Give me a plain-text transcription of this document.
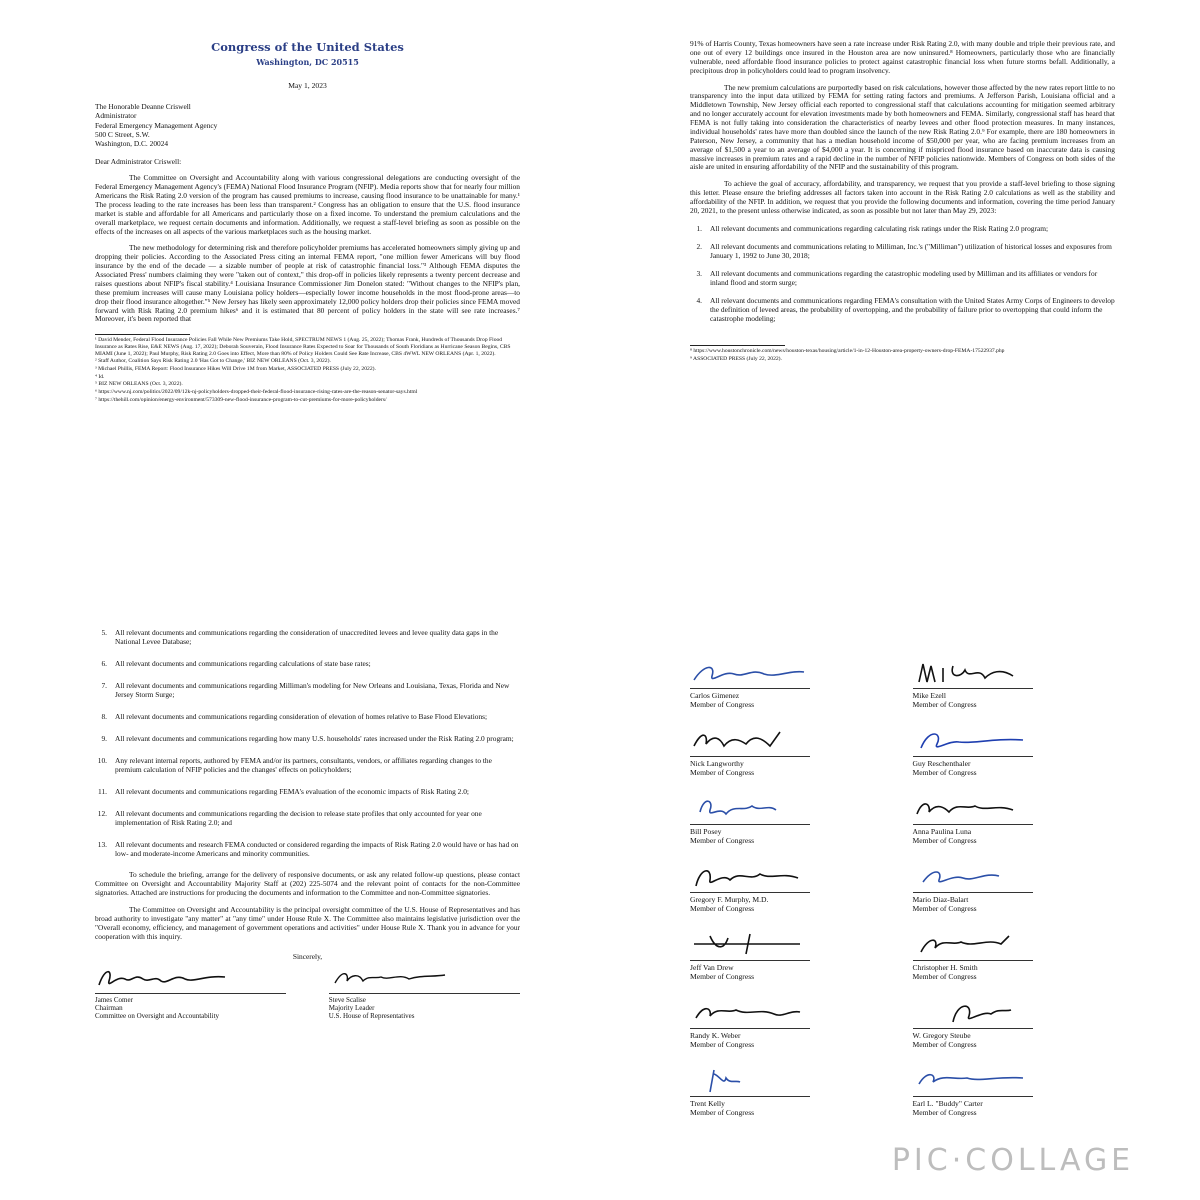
Congress of the United States
Washington, DC 20515
May 1, 2023
The Honorable Deanne Criswell
Administrator
Federal Emergency Management Agency
500 C Street, S.W.
Washington, D.C. 20024
Dear Administrator Criswell:

The Committee on Oversight and Accountability along with various congressional delegations are conducting oversight of the Federal Emergency Management Agency's (FEMA) National Flood Insurance Program (NFIP). Media reports show that for nearly four million Americans the Risk Rating 2.0 version of the program has caused premiums to increase, causing flood insurance to be unattainable for many.¹ The process leading to the rate increases has been less than transparent.² Congress has an obligation to ensure that the U.S. flood insurance market is stable and affordable for all Americans and particularly those on a fixed income. To understand the premium calculations and the overall marketplace, we request certain documents and information. Additionally, we request a staff-level briefing as soon as possible on the effects of the increases on all aspects of the various marketplaces such as the housing market.

The new methodology for determining risk and therefore policyholder premiums has accelerated homeowners simply giving up and dropping their policies. According to the Associated Press citing an internal FEMA report, "one million fewer Americans will buy flood insurance by the end of the decade — a sizable number of people at risk of catastrophic financial loss."³ Although FEMA disputes the Associated Press' numbers claiming they were "taken out of context," this drop-off in policies likely represents a twenty percent decrease and raises questions about NFIP's fiscal stability.⁴ Louisiana Insurance Commissioner Jim Donelon stated: "Without changes to the NFIP's plan, these premium increases will cause many Louisiana policy holders—especially lower income households in the most flood-prone areas—to drop their flood insurance altogether."⁵ New Jersey has likely seen approximately 12,000 policy holders drop their policies since FEMA moved forward with Risk Rating 2.0 premium hikes⁶ and it is estimated that 80 percent of policy holders in the state will see rate increases.⁷ Moreover, it's been reported that

¹ David Mender, Federal Flood Insurance Policies Fall While New Premiums Take Hold, SPECTRUM NEWS 1 (Aug. 25, 2022); Thomas Frank, Hundreds of Thousands Drop Flood Insurance as Rates Rise, E&E NEWS (Aug. 17, 2022); Deborah Souverain, Flood Insurance Rates Expected to Soar for Thousands of South Floridians as Hurricane Season Begins, CBS MIAMI (June 1, 2022); Paul Murphy, Risk Rating 2.0 Goes into Effect, More than 80% of Policy Holders Could See Rate Increase, CBS 4WWL NEW ORLEANS (Apr. 1, 2022).

² Staff Author, Coalition Says Risk Rating 2.0 'Has Got to Change,' BIZ NEW ORLEANS (Oct. 3, 2022).

³ Michael Phillis, FEMA Report: Flood Insurance Hikes Will Drive 1M from Market, ASSOCIATED PRESS (July 22, 2022).

⁴ Id.

⁵ BIZ NEW ORLEANS (Oct. 3, 2022).

⁶ https://www.nj.com/politics/2022/09/12k-nj-policyholders-dropped-their-federal-flood-insurance-rising-rates-are-the-reason-senator-says.html

⁷ https://thehill.com/opinion/energy-environment/573309-new-flood-insurance-program-to-cut-premiums-for-more-policyholders/

91% of Harris County, Texas homeowners have seen a rate increase under Risk Rating 2.0, with many double and triple their previous rate, and one out of every 12 buildings once insured in the Houston area are now uninsured.⁸ Homeowners, particularly those who are financially vulnerable, need affordable flood insurance policies to protect against catastrophic financial loss when future storms befall. Additionally, a precipitous drop in policyholders could lead to program insolvency.

The new premium calculations are purportedly based on risk calculations, however those affected by the new rates report little to no transparency into the input data utilized by FEMA for setting rating factors and premiums. A Jefferson Parish, Louisiana official and a Middletown Township, New Jersey official each reported to congressional staff that calculations accounting for mitigation seemed arbitrary and no longer accurately account for elevation investments made by both homeowners and FEMA. Similarly, congressional staff has heard that FEMA is not fully taking into consideration the characteristics of nearby levees and other flood protection measures. In many instances, individual households' rates have more than doubled since the launch of the new Risk Rating 2.0.⁹ For example, there are 180 homeowners in Paterson, New Jersey, a community that has a median household income of $50,000 per year, who are facing premium increases from an average of $1,500 a year to an average of $4,000 a year. It is concerning if mispriced flood insurance based on inaccurate data is causing massive increases in premium rates and a rapid decline in the number of NFIP policies nationwide. Members of Congress on both sides of the aisle are united in ensuring affordability of the NFIP and the sustainability of this program.

To achieve the goal of accuracy, affordability, and transparency, we request that you provide a staff-level briefing to those signing this letter. Please ensure the briefing addresses all factors taken into account in the Risk Rating 2.0 calculations as well as the stability and affordability of the NFIP. In addition, we request that you provide the following documents and information, covering the time period January 20, 2021, to the present unless otherwise indicated, as soon as possible but not later than May 29, 2023:

1. All relevant documents and communications regarding calculating risk ratings under the Risk Rating 2.0 program;
2. All relevant documents and communications relating to Milliman, Inc.'s ("Milliman") utilization of historical losses and exposures from January 1, 1992 to June 30, 2018;
3. All relevant documents and communications regarding the catastrophic modeling used by Milliman and its affiliates or vendors for inland flood and storm surge;
4. All relevant documents and communications regarding FEMA's consultation with the United States Army Corps of Engineers to develop the definition of leveed areas, the probability of overtopping, and the probability of failure prior to overtopping that could inform the catastrophe modeling;

⁸ https://www.houstonchronicle.com/news/houston-texas/housing/article/1-in-12-Houston-area-property-owners-drop-FEMA-17522937.php

⁹ ASSOCIATED PRESS (July 22, 2022).

5. All relevant documents and communications regarding the consideration of unaccredited levees and levee quality data gaps in the National Levee Database;
6. All relevant documents and communications regarding calculations of state base rates;
7. All relevant documents and communications regarding Milliman's modeling for New Orleans and Louisiana, Texas, Florida and New Jersey Storm Surge;
8. All relevant documents and communications regarding consideration of elevation of homes relative to Base Flood Elevations;
9. All relevant documents and communications regarding how many U.S. households' rates increased under the Risk Rating 2.0 program;
10. Any relevant internal reports, authored by FEMA and/or its partners, consultants, vendors, or affiliates regarding changes to the premium calculation of NFIP policies and the changes' effects on policyholders;
11. All relevant documents and communications regarding FEMA's evaluation of the economic impacts of Risk Rating 2.0;
12. All relevant documents and communications regarding the decision to release state profiles that only accounted for year one implementation of Risk Rating 2.0; and
13. All relevant documents and research FEMA conducted or considered regarding the impacts of Risk Rating 2.0 would have or has had on low- and moderate-income Americans and minority communities.

To schedule the briefing, arrange for the delivery of responsive documents, or ask any related follow-up questions, please contact Committee on Oversight and Accountability Majority Staff at (202) 225-5074 and the relevant point of contacts for the non-Committee signatories. Attached are instructions for producing the documents and information to the Committee and non-Committee signatories.

The Committee on Oversight and Accountability is the principal oversight committee of the U.S. House of Representatives and has broad authority to investigate "any matter" at "any time" under House Rule X. The Committee also maintains legislative jurisdiction over the "Overall economy, efficiency, and management of government operations and activities" under House Rule X. Thank you in advance for your cooperation with this inquiry.

Sincerely,
James Comer
Chairman
Committee on Oversight and Accountability
Steve Scalise
Majority Leader
U.S. House of Representatives
Carlos Gimenez
Member of Congress
Mike Ezell
Member of Congress
Nick Langworthy
Member of Congress
Guy Reschenthaler
Member of Congress
Bill Posey
Member of Congress
Anna Paulina Luna
Member of Congress
Gregory F. Murphy, M.D.
Member of Congress
Mario Diaz-Balart
Member of Congress
Jeff Van Drew
Member of Congress
Christopher H. Smith
Member of Congress
Randy K. Weber
Member of Congress
W. Gregory Steube
Member of Congress
Trent Kelly
Member of Congress
Earl L. "Buddy" Carter
Member of Congress
PIC·COLLAGE
